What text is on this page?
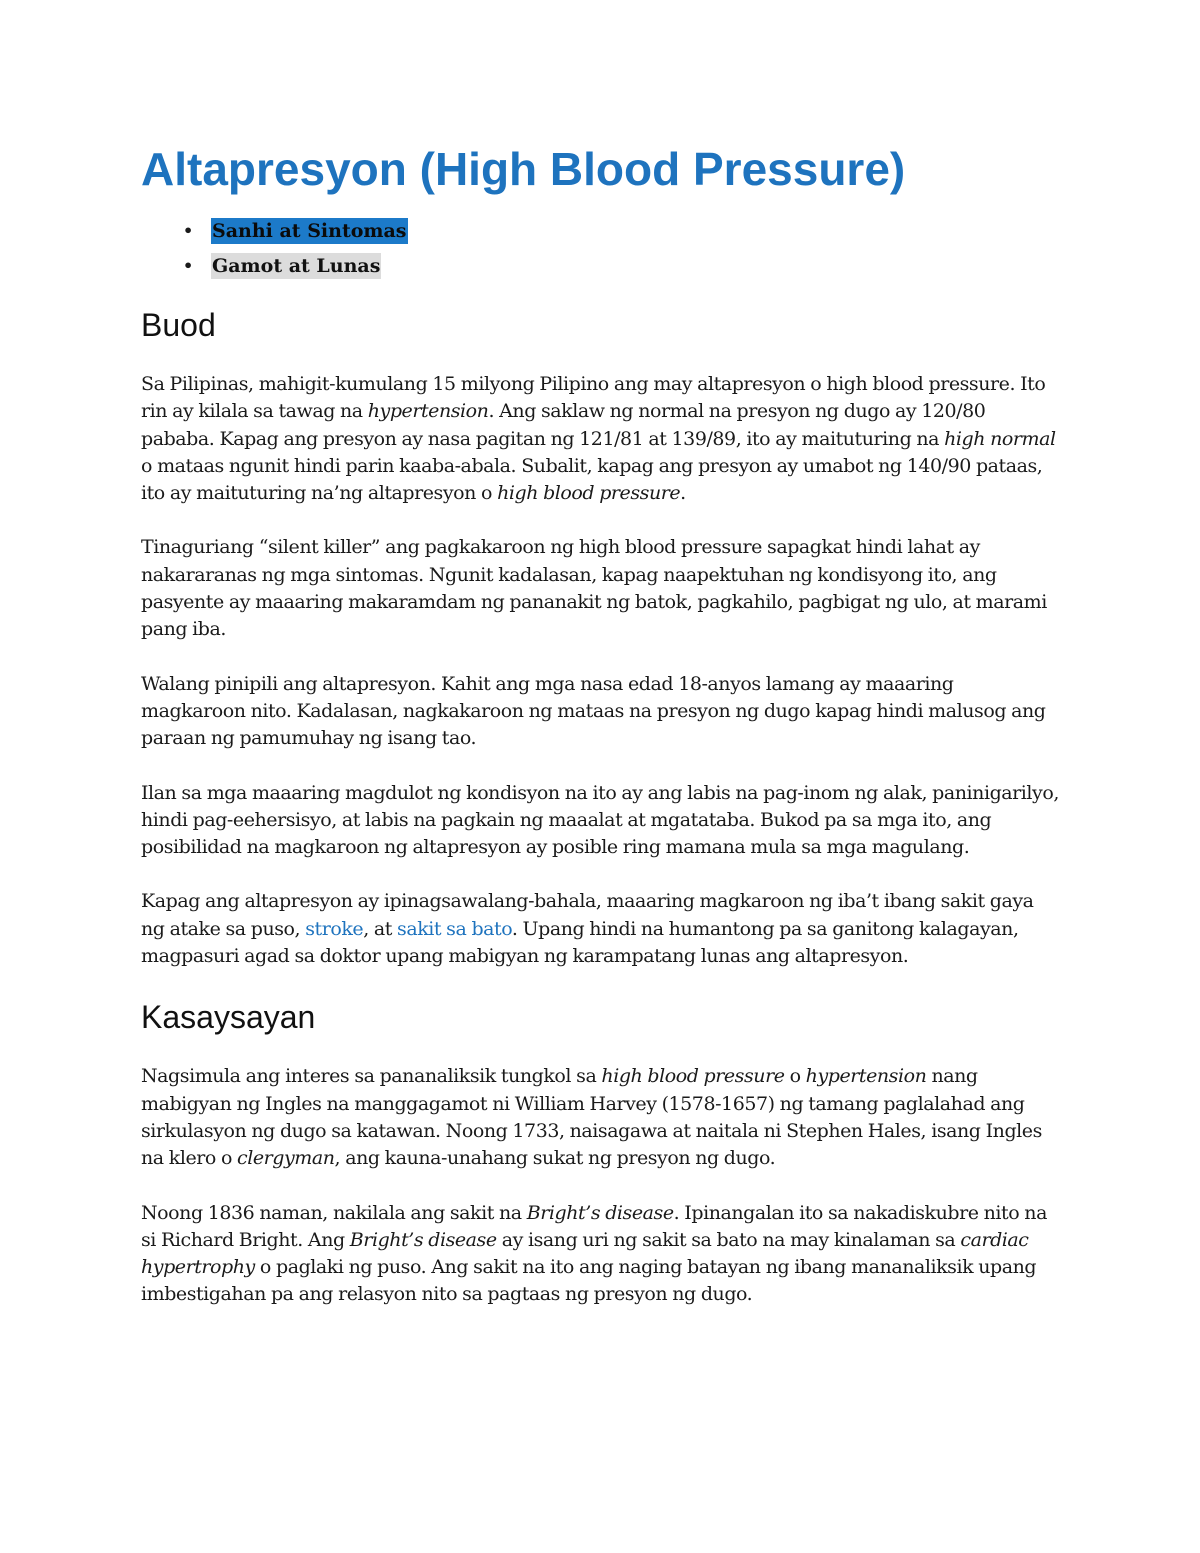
Altapresyon (High Blood Pressure)
• Sanhi at Sintomas
• Gamot at Lunas
Buod

Sa Pilipinas, mahigit-kumulang 15 milyong Pilipino ang may altapresyon o high blood pressure. Ito rin ay kilala sa tawag na hypertension. Ang saklaw ng normal na presyon ng dugo ay 120/80 pababa. Kapag ang presyon ay nasa pagitan ng 121/81 at 139/89, ito ay maituturing na high normal o mataas ngunit hindi parin kaaba-abala. Subalit, kapag ang presyon ay umabot ng 140/90 pataas, ito ay maituturing na’ng altapresyon o high blood pressure.

Tinaguriang “silent killer” ang pagkakaroon ng high blood pressure sapagkat hindi lahat ay nakararanas ng mga sintomas. Ngunit kadalasan, kapag naapektuhan ng kondisyong ito, ang pasyente ay maaaring makaramdam ng pananakit ng batok, pagkahilo, pagbigat ng ulo, at marami pang iba.

Walang pinipili ang altapresyon. Kahit ang mga nasa edad 18-anyos lamang ay maaaring magkaroon nito. Kadalasan, nagkakaroon ng mataas na presyon ng dugo kapag hindi malusog ang paraan ng pamumuhay ng isang tao.

Ilan sa mga maaaring magdulot ng kondisyon na ito ay ang labis na pag-inom ng alak, paninigarilyo, hindi pag-eehersisyo, at labis na pagkain ng maaalat at mgatataba. Bukod pa sa mga ito, ang posibilidad na magkaroon ng altapresyon ay posible ring mamana mula sa mga magulang.

Kapag ang altapresyon ay ipinagsawalang-bahala, maaaring magkaroon ng iba’t ibang sakit gaya ng atake sa puso, stroke, at sakit sa bato. Upang hindi na humantong pa sa ganitong kalagayan, magpasuri agad sa doktor upang mabigyan ng karampatang lunas ang altapresyon.

Kasaysayan

Nagsimula ang interes sa pananaliksik tungkol sa high blood pressure o hypertension nang mabigyan ng Ingles na manggagamot ni William Harvey (1578-1657) ng tamang paglalahad ang sirkulasyon ng dugo sa katawan. Noong 1733, naisagawa at naitala ni Stephen Hales, isang Ingles na klero o clergyman, ang kauna-unahang sukat ng presyon ng dugo.

Noong 1836 naman, nakilala ang sakit na Bright’s disease. Ipinangalan ito sa nakadiskubre nito na si Richard Bright. Ang Bright’s disease ay isang uri ng sakit sa bato na may kinalaman sa cardiac hypertrophy o paglaki ng puso. Ang sakit na ito ang naging batayan ng ibang mananaliksik upang imbestigahan pa ang relasyon nito sa pagtaas ng presyon ng dugo.
